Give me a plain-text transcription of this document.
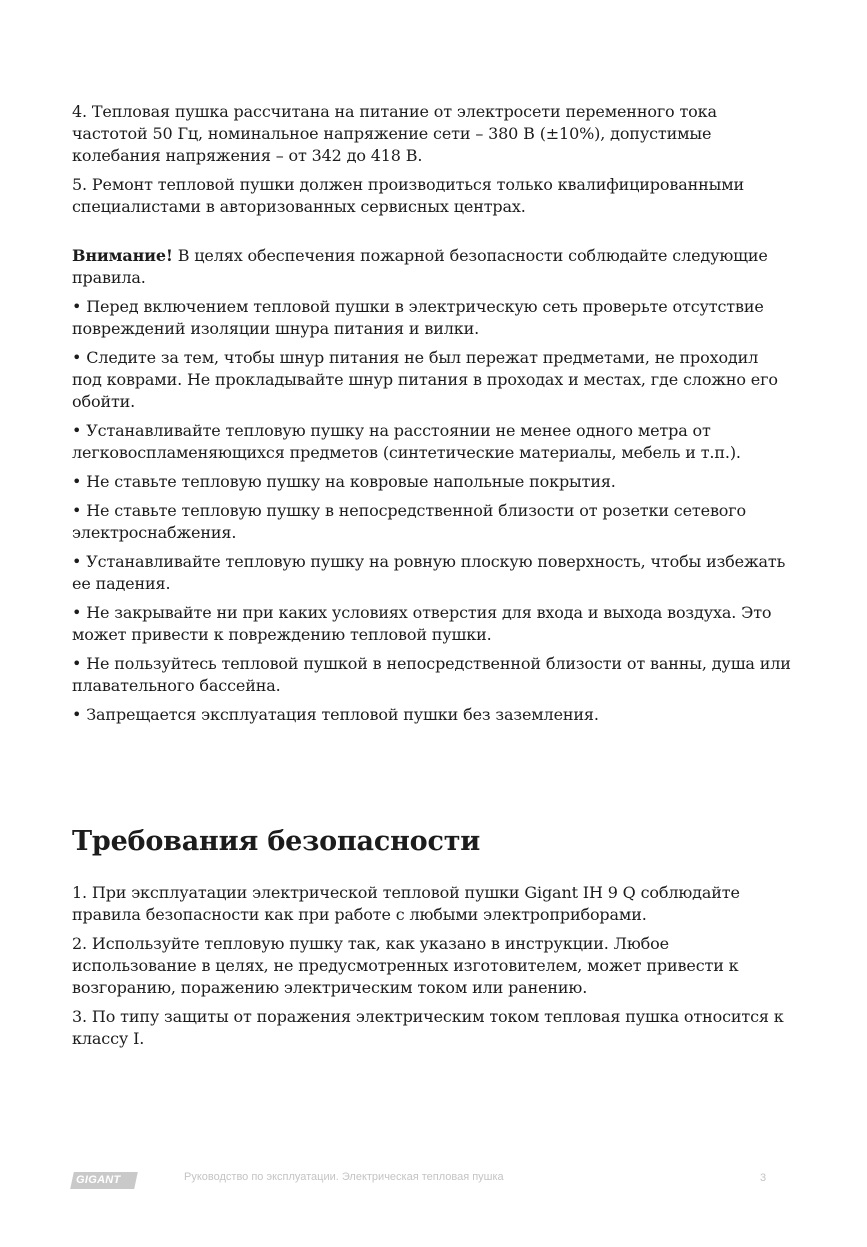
4. Тепловая пушка рассчитана на питание от электросети переменного тока частотой 50 Гц, номинальное напряжение сети – 380 В (±10%), допустимые колебания напряжения – от 342 до 418 В.

5. Ремонт тепловой пушки должен производиться только квалифицированными специалистами в авторизованных сервисных центрах.

Внимание! В целях обеспечения пожарной безопасности соблюдайте следующие правила.

• Перед включением тепловой пушки в электрическую сеть проверьте отсутствие повреждений изоляции шнура питания и вилки.

• Следите за тем, чтобы шнур питания не был пережат предметами, не проходил под коврами. Не прокладывайте шнур питания в проходах и местах, где сложно его обойти.

• Устанавливайте тепловую пушку на расстоянии не менее одного метра от легковоспламеняющихся предметов (синтетические материалы, мебель и т.п.).

• Не ставьте тепловую пушку на ковровые напольные покрытия.

• Не ставьте тепловую пушку в непосредственной близости от розетки сетевого электроснабжения.

• Устанавливайте тепловую пушку на ровную плоскую поверхность, чтобы избежать ее падения.

• Не закрывайте ни при каких условиях отверстия для входа и выхода воздуха. Это может привести к повреждению тепловой пушки.

• Не пользуйтесь тепловой пушкой в непосредственной близости от ванны, душа или плавательного бассейна.

• Запрещается эксплуатация тепловой пушки без заземления.

Требования безопасности

1. При эксплуатации электрической тепловой пушки Gigant IH 9 Q соблюдайте правила безопасности как при работе с любыми электроприборами.

2. Используйте тепловую пушку так, как указано в инструкции. Любое использование в целях, не предусмотренных изготовителем, может привести к возгоранию, поражению электрическим током или ранению.

3. По типу защиты от поражения электрическим током тепловая пушка относится к классу I.

GIGANT	Руководство по эксплуатации. Электрическая тепловая пушка	3
